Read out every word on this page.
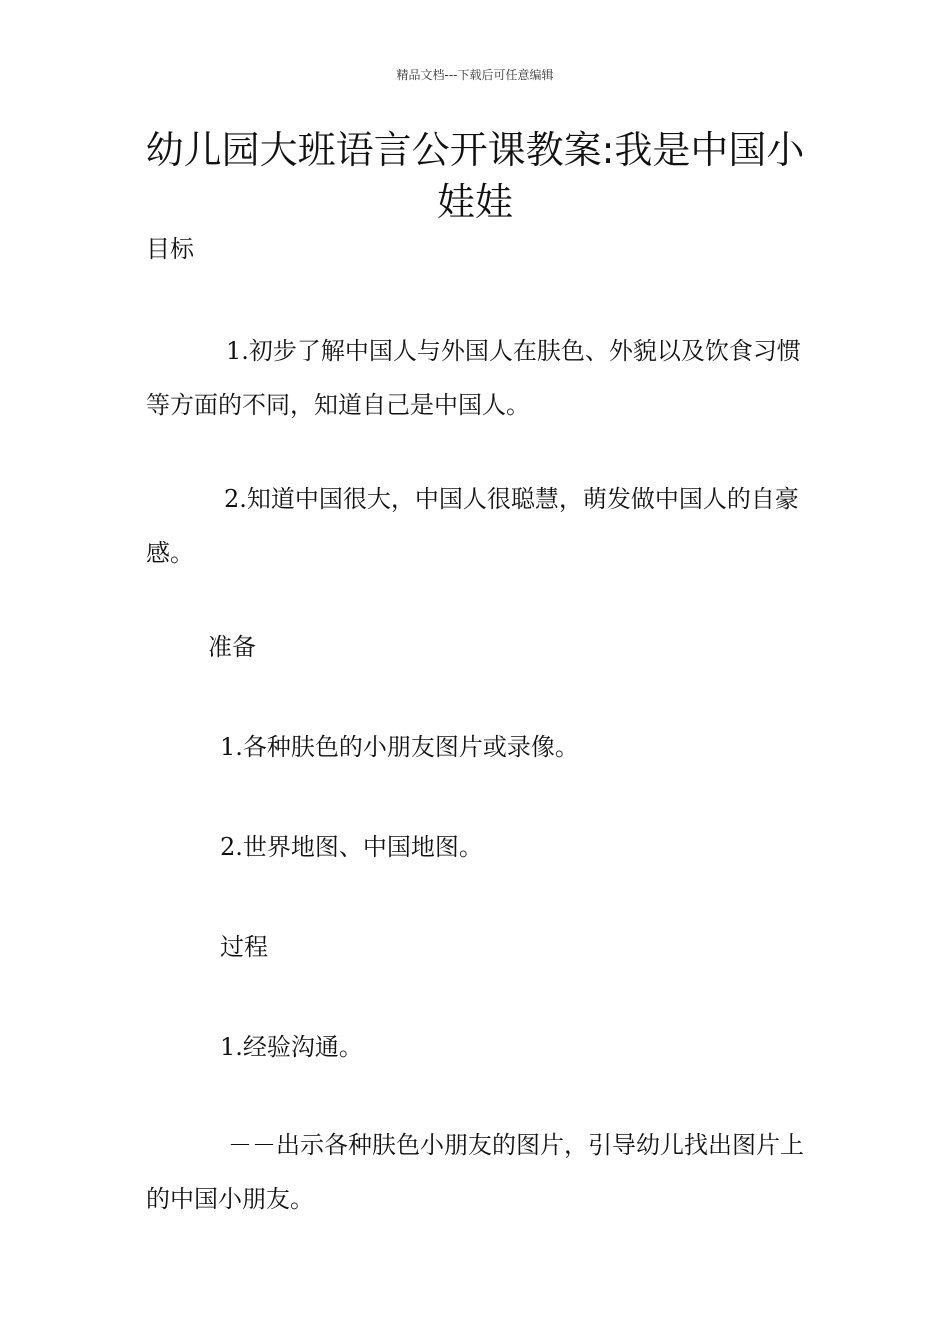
精品文档---下载后可任意编辑
幼儿园大班语言公开课教案:我是中国小娃娃

目标

1.初步了解中国人与外国人在肤色、外貌以及饮食习惯等方面的不同，知道自己是中国人。

2.知道中国很大，中国人很聪慧，萌发做中国人的自豪感。

准备

1.各种肤色的小朋友图片或录像。

2.世界地图、中国地图。

过程

1.经验沟通。

－－出示各种肤色小朋友的图片，引导幼儿找出图片上的中国小朋友。
